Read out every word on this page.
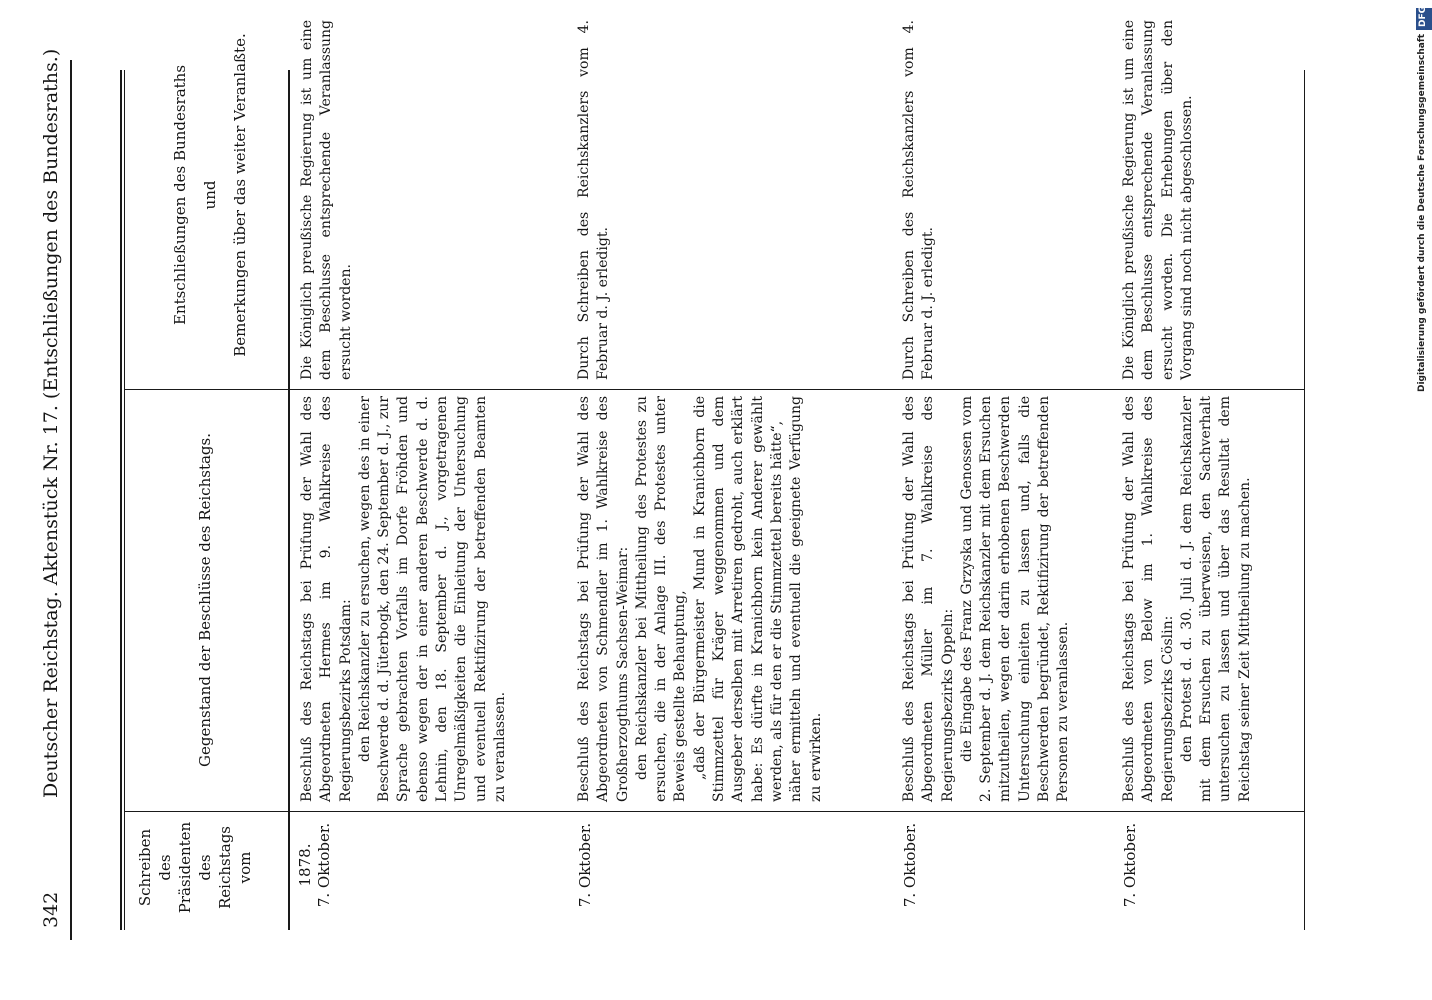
342
Deutscher Reichstag. Aktenstück Nr. 17. (Entschließungen des Bundesraths.)
Schreiben des Präsidenten des Reichstags vom
Gegenstand der Beschlüsse des Reichstags.
Entschließungen des Bundesraths und Bemerkungen über das weiter Veranlaßte.
1878. 7. Oktober.
Beschluß des Reichstags bei Prüfung der Wahl des Abgeordneten Hermes im 9. Wahlkreise des Regierungsbezirks Potsdam: den Reichskanzler zu ersuchen, wegen des in einer Beschwerde d. d. Jüterbogk, den 24. September d. J., zur Sprache gebrachten Vorfalls im Dorfe Fröhden und ebenso wegen der in einer anderen Beschwerde d. d. Lehnin, den 18. September d. J., vorgetragenen Unregelmäßigkeiten die Einleitung der Untersuchung und eventuell Rektifizirung der betreffenden Beamten zu veranlassen.
Die Königlich preußische Regierung ist um eine dem Beschlusse entsprechende Veranlassung ersucht worden.
7. Oktober.
Beschluß des Reichstags bei Prüfung der Wahl des Abgeordneten von Schmendler im 1. Wahlkreise des Großherzogthums Sachsen-Weimar: den Reichskanzler bei Mittheilung des Protestes zu ersuchen, die in der Anlage III. des Protestes unter Beweis gestellte Behauptung, „daß der Bürgermeister Mund in Kranichborn die Stimmzettel für Kräger weggenommen und dem Ausgeber derselben mit Arretiren gedroht, auch erklärt habe: Es dürfte in Kranichborn kein Anderer gewählt werden, als für den er die Stimmzettel bereits hätte“, näher ermitteln und eventuell die geeignete Verfügung zu erwirken.
Durch Schreiben des Reichskanzlers vom 4. Februar d. J. erledigt.
7. Oktober.
Beschluß des Reichstags bei Prüfung der Wahl des Abgeordneten Müller im 7. Wahlkreise des Regierungsbezirks Oppeln: die Eingabe des Franz Grzyska und Genossen vom 2. September d. J. dem Reichskanzler mit dem Ersuchen mitzutheilen, wegen der darin erhobenen Beschwerden Untersuchung einleiten zu lassen und, falls die Beschwerden begründet, Rektifizirung der betreffenden Personen zu veranlassen.
Durch Schreiben des Reichskanzlers vom 4. Februar d. J. erledigt.
7. Oktober.
Beschluß des Reichstags bei Prüfung der Wahl des Abgeordneten von Below im 1. Wahlkreise des Regierungsbezirks Cöslin: den Protest d. d. 30. Juli d. J. dem Reichskanzler mit dem Ersuchen zu überweisen, den Sachverhalt untersuchen zu lassen und über das Resultat dem Reichstag seiner Zeit Mittheilung zu machen.
Die Königlich preußische Regierung ist um eine dem Beschlusse entsprechende Veranlassung ersucht worden. Die Erhebungen über den Vorgang sind noch nicht abgeschlossen.
DFG
Digitalisierung gefördert durch die Deutsche Forschungsgemeinschaft
